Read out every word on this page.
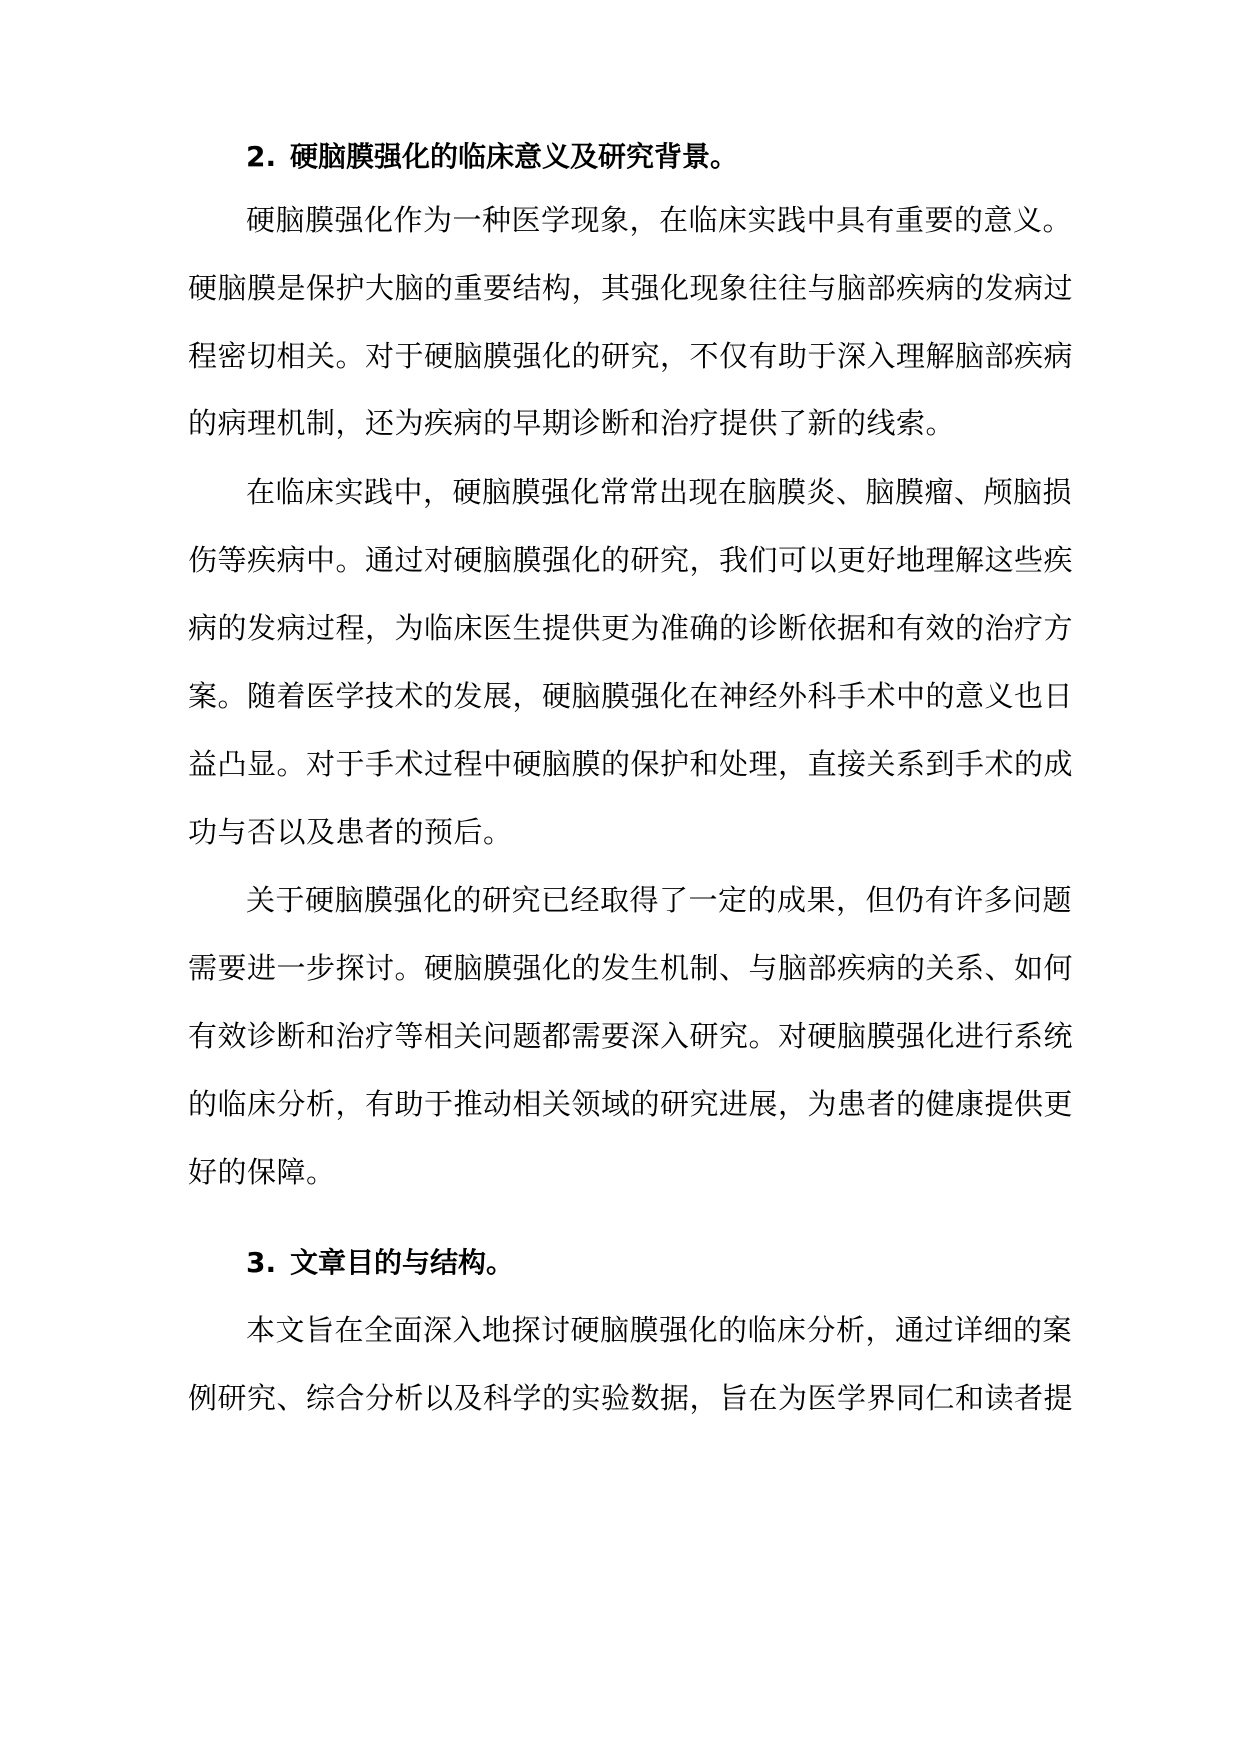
2. 硬脑膜强化的临床意义及研究背景。
硬脑膜强化作为一种医学现象，在临床实践中具有重要的意义。
硬脑膜是保护大脑的重要结构，其强化现象往往与脑部疾病的发病过
程密切相关。对于硬脑膜强化的研究，不仅有助于深入理解脑部疾病
的病理机制，还为疾病的早期诊断和治疗提供了新的线索。
在临床实践中，硬脑膜强化常常出现在脑膜炎、脑膜瘤、颅脑损
伤等疾病中。通过对硬脑膜强化的研究，我们可以更好地理解这些疾
病的发病过程，为临床医生提供更为准确的诊断依据和有效的治疗方
案。随着医学技术的发展，硬脑膜强化在神经外科手术中的意义也日
益凸显。对于手术过程中硬脑膜的保护和处理，直接关系到手术的成
功与否以及患者的预后。
关于硬脑膜强化的研究已经取得了一定的成果，但仍有许多问题
需要进一步探讨。硬脑膜强化的发生机制、与脑部疾病的关系、如何
有效诊断和治疗等相关问题都需要深入研究。对硬脑膜强化进行系统
的临床分析，有助于推动相关领域的研究进展，为患者的健康提供更
好的保障。
3. 文章目的与结构。
本文旨在全面深入地探讨硬脑膜强化的临床分析，通过详细的案
例研究、综合分析以及科学的实验数据，旨在为医学界同仁和读者提
